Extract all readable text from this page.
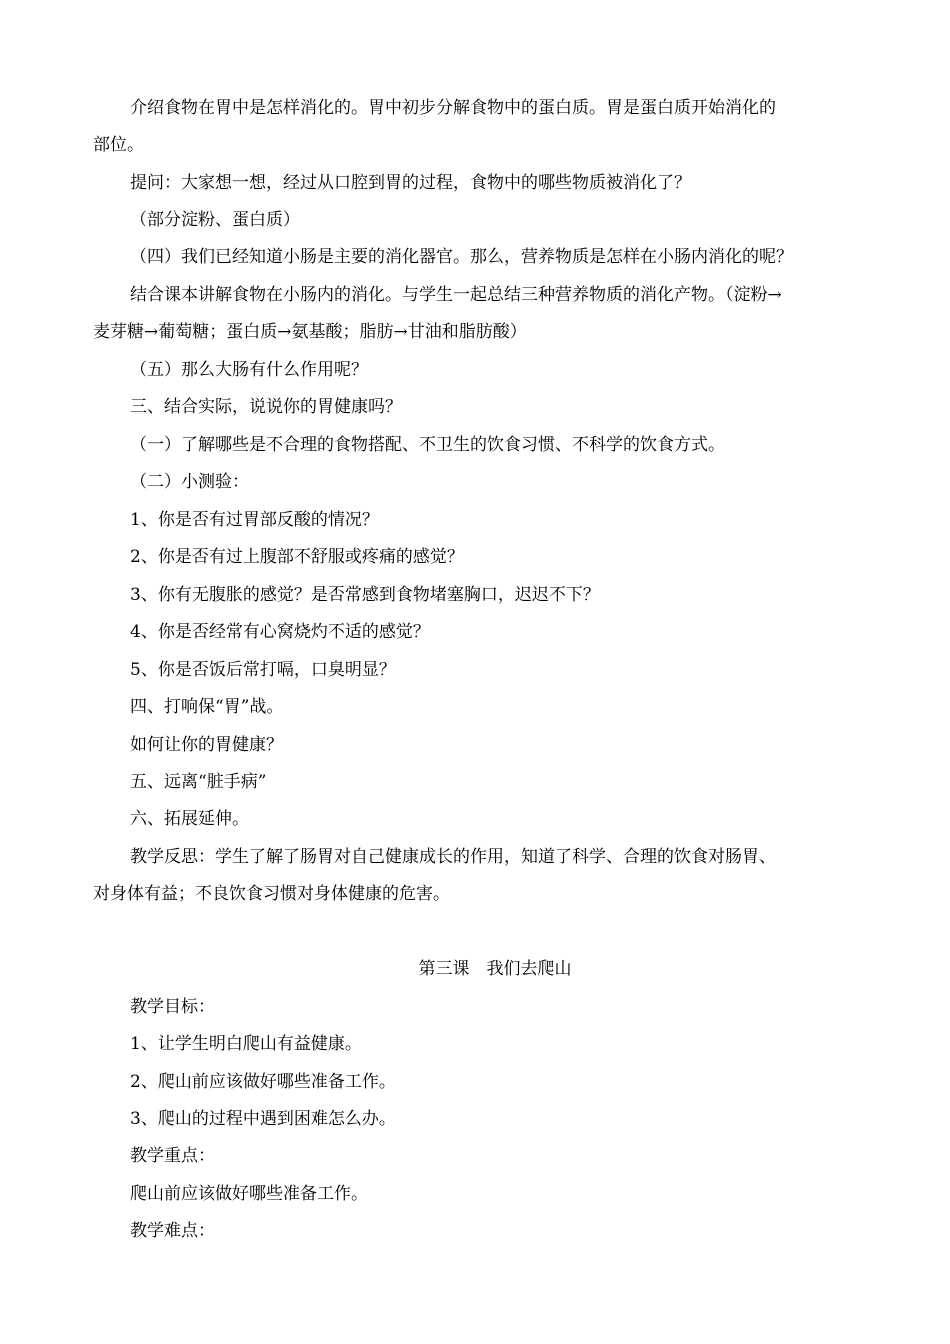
介绍食物在胃中是怎样消化的。胃中初步分解食物中的蛋白质。胃是蛋白质开始消化的
部位。
提问：大家想一想，经过从口腔到胃的过程，食物中的哪些物质被消化了？
（部分淀粉、蛋白质）
（四）我们已经知道小肠是主要的消化器官。那么，营养物质是怎样在小肠内消化的呢？
结合课本讲解食物在小肠内的消化。与学生一起总结三种营养物质的消化产物。（淀粉→
麦芽糖→葡萄糖；蛋白质→氨基酸；脂肪→甘油和脂肪酸）
（五）那么大肠有什么作用呢？
三、结合实际，说说你的胃健康吗？
（一）了解哪些是不合理的食物搭配、不卫生的饮食习惯、不科学的饮食方式。
（二）小测验：
1、你是否有过胃部反酸的情况？
2、你是否有过上腹部不舒服或疼痛的感觉？
3、你有无腹胀的感觉？是否常感到食物堵塞胸口，迟迟不下？
4、你是否经常有心窝烧灼不适的感觉？
5、你是否饭后常打嗝，口臭明显？
四、打响保“胃”战。
如何让你的胃健康？
五、远离“脏手病”
六、拓展延伸。
教学反思：学生了解了肠胃对自己健康成长的作用，知道了科学、合理的饮食对肠胃、
对身体有益；不良饮食习惯对身体健康的危害。
第三课　我们去爬山
教学目标：
1、让学生明白爬山有益健康。
2、爬山前应该做好哪些准备工作。
3、爬山的过程中遇到困难怎么办。
教学重点：
爬山前应该做好哪些准备工作。
教学难点：
